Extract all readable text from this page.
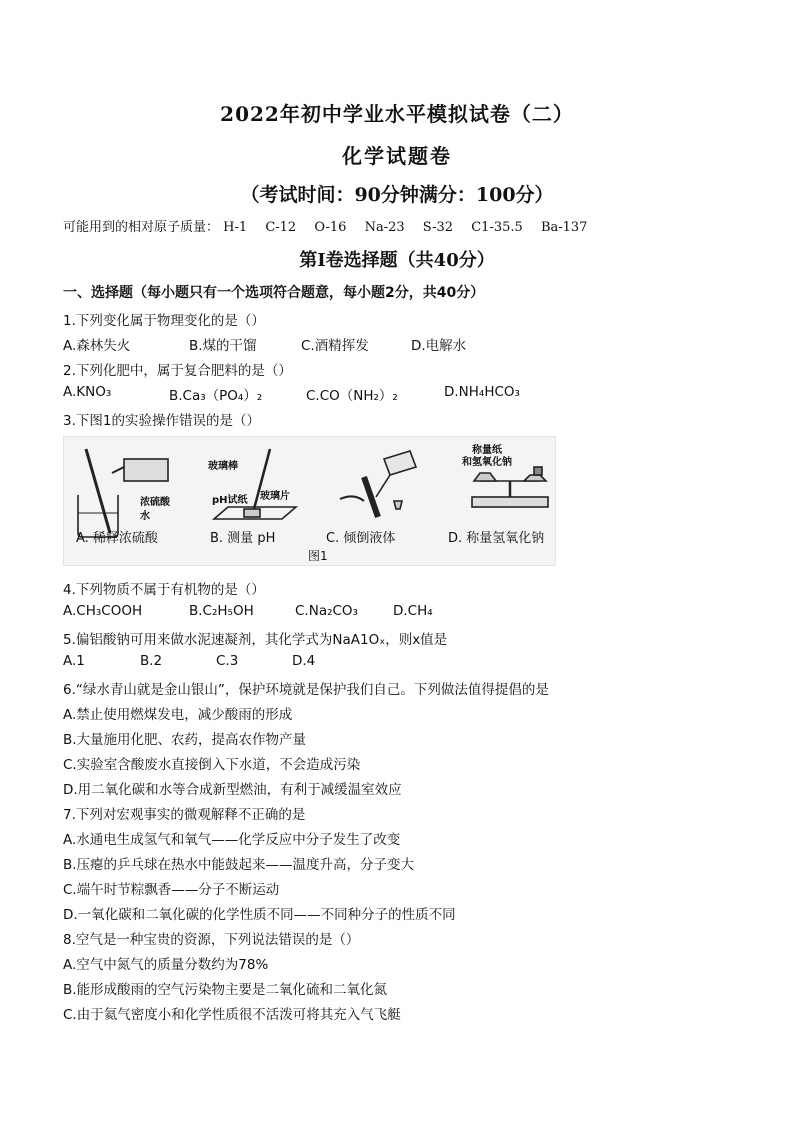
2022年初中学业水平模拟试卷（二）
化学试题卷
（考试时间：90分钟满分：100分）
可能用到的相对原子质量： H-1 C-12 O-16 Na-23 S-32 C1-35.5 Ba-137
第I卷选择题（共40分）
一、选择题（每小题只有一个选项符合题意，每小题2分，共40分）
1.下列变化属于物理变化的是（）
A.森林失火	B.煤的干馏	C.酒精挥发	D.电解水
2.下列化肥中，属于复合肥料的是（）
A.KNO₃	B.Ca₃（PO₄）₂	C.CO（NH₂）₂	D.NH₄HCO₃
3.下图1的实验操作错误的是（）
浓硫酸
水
玻璃棒
pH试纸 玻璃片
称量纸
和氢氧化钠
A. 稀释浓硫酸	B. 测量 pH	C. 倾倒液体	D. 称量氢氧化钠
图1
4.下列物质不属于有机物的是（）
A.CH₃COOH	B.C₂H₅OH	C.Na₂CO₃	D.CH₄
5.偏铝酸钠可用来做水泥速凝剂，其化学式为NaA1Oₓ，则x值是
A.1	B.2	C.3	D.4
6.“绿水青山就是金山银山”，保护环境就是保护我们自己。下列做法值得提倡的是
A.禁止使用燃煤发电，减少酸雨的形成
B.大量施用化肥、农药，提高农作物产量
C.实验室含酸废水直接倒入下水道，不会造成污染
D.用二氧化碳和水等合成新型燃油，有利于减缓温室效应
7.下列对宏观事实的微观解释不正确的是
A.水通电生成氢气和氧气——化学反应中分子发生了改变
B.压瘪的乒乓球在热水中能鼓起来——温度升高，分子变大
C.端午时节粽飘香——分子不断运动
D.一氧化碳和二氧化碳的化学性质不同——不同种分子的性质不同
8.空气是一种宝贵的资源，下列说法错误的是（）
A.空气中氮气的质量分数约为78%
B.能形成酸雨的空气污染物主要是二氧化硫和二氧化氮
C.由于氦气密度小和化学性质很不活泼可将其充入气飞艇
